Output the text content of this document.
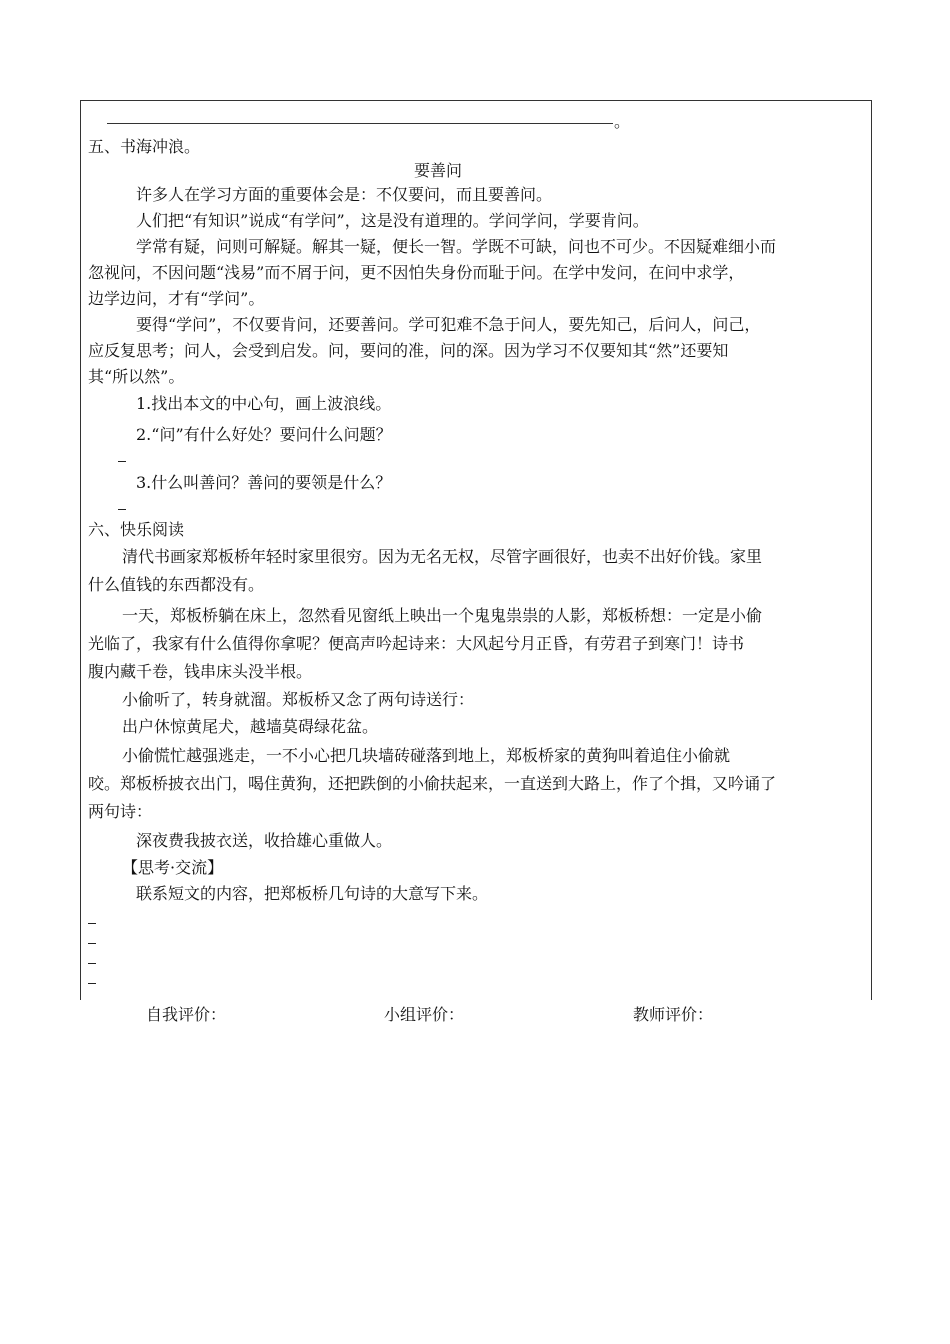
。
五、书海冲浪。
要善问
许多人在学习方面的重要体会是：不仅要问，而且要善问。
人们把“有知识”说成“有学问”，这是没有道理的。学问学问，学要肯问。
学常有疑，问则可解疑。解其一疑，便长一智。学既不可缺，问也不可少。不因疑难细小而
忽视问，不因问题“浅易”而不屑于问，更不因怕失身份而耻于问。在学中发问，在问中求学，
边学边问，才有“学问”。
要得“学问”，不仅要肯问，还要善问。学可犯难不急于问人，要先知己，后问人，问己，
应反复思考；问人，会受到启发。问，要问的准，问的深。因为学习不仅要知其“然”还要知
其“所以然”。
1.找出本文的中心句，画上波浪线。
2.“问”有什么好处？要问什么问题？
3.什么叫善问？善问的要领是什么？
六、快乐阅读
清代书画家郑板桥年轻时家里很穷。因为无名无权，尽管字画很好，也卖不出好价钱。家里
什么值钱的东西都没有。
一天，郑板桥躺在床上，忽然看见窗纸上映出一个鬼鬼祟祟的人影，郑板桥想：一定是小偷
光临了，我家有什么值得你拿呢？便高声吟起诗来：大风起兮月正昏，有劳君子到寒门！诗书
腹内藏千卷，钱串床头没半根。
小偷听了，转身就溜。郑板桥又念了两句诗送行：
出户休惊黄尾犬，越墙莫碍绿花盆。
小偷慌忙越强逃走，一不小心把几块墙砖碰落到地上，郑板桥家的黄狗叫着追住小偷就
咬。郑板桥披衣出门，喝住黄狗，还把跌倒的小偷扶起来，一直送到大路上，作了个揖，又吟诵了
两句诗：
深夜费我披衣送，收拾雄心重做人。
【思考·交流】
联系短文的内容，把郑板桥几句诗的大意写下来。
自我评价：	小组评价：	教师评价：
